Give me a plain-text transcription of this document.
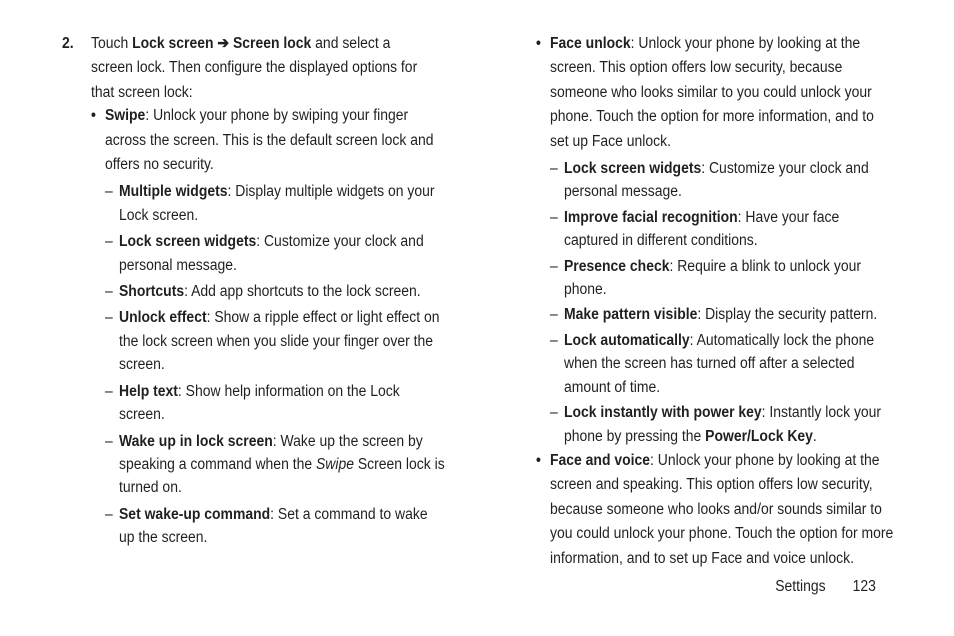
2. Touch Lock screen ➔ Screen lock and select a
screen lock. Then configure the displayed options for
that screen lock:
• Swipe: Unlock your phone by swiping your finger
across the screen. This is the default screen lock and
offers no security.
– Multiple widgets: Display multiple widgets on your
Lock screen.
– Lock screen widgets: Customize your clock and
personal message.
– Shortcuts: Add app shortcuts to the lock screen.
– Unlock effect: Show a ripple effect or light effect on
the lock screen when you slide your finger over the
screen.
– Help text: Show help information on the Lock
screen.
– Wake up in lock screen: Wake up the screen by
speaking a command when the Swipe Screen lock is
turned on.
– Set wake-up command: Set a command to wake
up the screen.
• Face unlock: Unlock your phone by looking at the
screen. This option offers low security, because
someone who looks similar to you could unlock your
phone. Touch the option for more information, and to
set up Face unlock.
– Lock screen widgets: Customize your clock and
personal message.
– Improve facial recognition: Have your face
captured in different conditions.
– Presence check: Require a blink to unlock your
phone.
– Make pattern visible: Display the security pattern.
– Lock automatically: Automatically lock the phone
when the screen has turned off after a selected
amount of time.
– Lock instantly with power key: Instantly lock your
phone by pressing the Power/Lock Key.
• Face and voice: Unlock your phone by looking at the
screen and speaking. This option offers low security,
because someone who looks and/or sounds similar to
you could unlock your phone. Touch the option for more
information, and to set up Face and voice unlock.
Settings 123
